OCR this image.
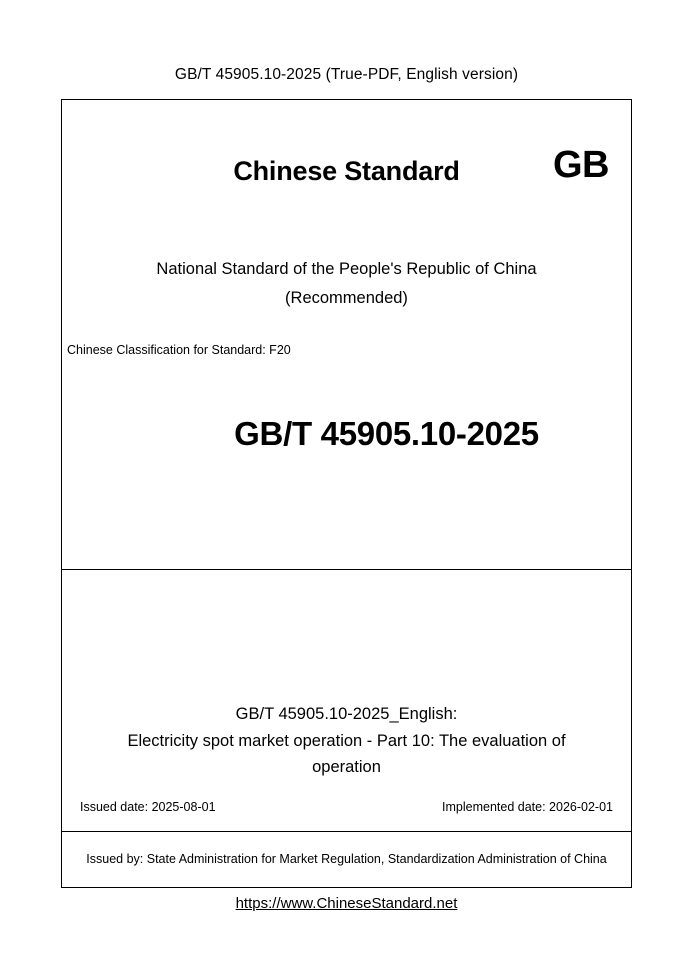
GB/T 45905.10-2025 (True-PDF, English version)
Chinese Standard	GB
National Standard of the People's Republic of China
(Recommended)
Chinese Classification for Standard: F20
GB/T 45905.10-2025
GB/T 45905.10-2025_English:
Electricity spot market operation - Part 10: The evaluation of
operation
Issued date: 2025-08-01	Implemented date: 2026-02-01
Issued by: State Administration for Market Regulation, Standardization Administration of China
https://www.ChineseStandard.net
